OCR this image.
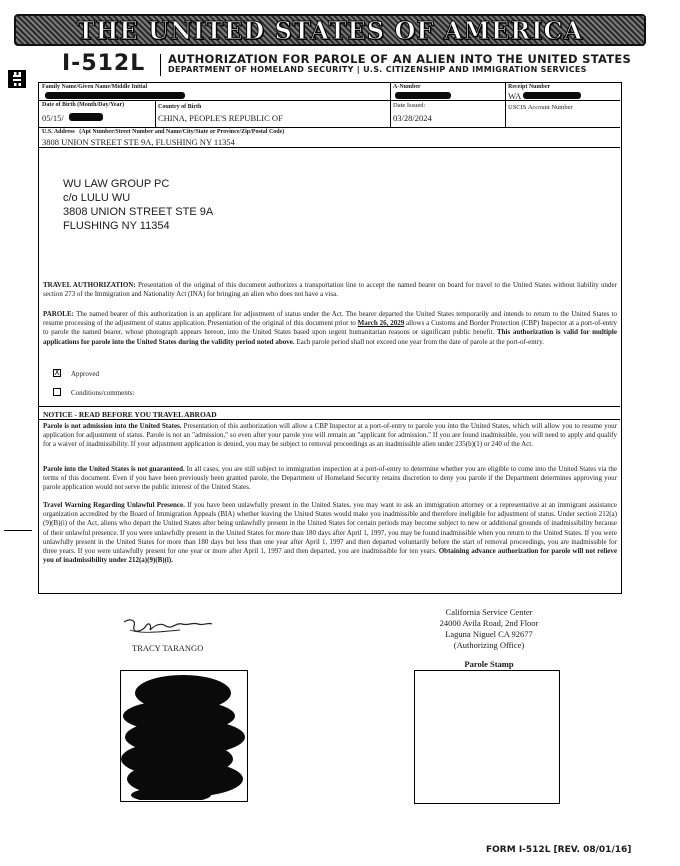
THE UNITED STATES OF AMERICA
I-512L AUTHORIZATION FOR PAROLE OF AN ALIEN INTO THE UNITED STATES
DEPARTMENT OF HOMELAND SECURITY | U.S. CITIZENSHIP AND IMMIGRATION SERVICES
Family Name/Given Name/Middle Initial	A-Number	Receipt Number
WA
Date of Birth (Month/Day/Year)
05/15/
Country of Birth
CHINA, PEOPLE'S REPUBLIC OF
Date Issued:
03/28/2024
USCIS Account Number
U.S. Address (Apt Number/Street Number and Name/City/State or Province/Zip/Postal Code)
3808 UNION STREET STE 9A, FLUSHING NY 11354
WU LAW GROUP PC
c/o LULU WU
3808 UNION STREET STE 9A
FLUSHING NY 11354
TRAVEL AUTHORIZATION: Presentation of the original of this document authorizes a transportation line to accept the named bearer on board for travel to the United States without liability under section 273 of the Immigration and Nationality Act (INA) for bringing an alien who does not have a visa.
PAROLE: The named bearer of this authorization is an applicant for adjustment of status under the Act. The bearer departed the United States temporarily and intends to return to the United States to resume processing of the adjustment of status application. Presentation of the original of this document prior to March 26, 2029 allows a Customs and Border Protection (CBP) Inspector at a port-of-entry to parole the named bearer, whose photograph appears hereon, into the United States based upon urgent humanitarian reasons or significant public benefit. This authorization is valid for multiple applications for parole into the United States during the validity period noted above. Each parole period shall not exceed one year from the date of parole at the port-of-entry.
X Approved
Conditions/comments:
NOTICE - READ BEFORE YOU TRAVEL ABROAD
Parole is not admission into the United States. Presentation of this authorization will allow a CBP Inspector at a port-of-entry to parole you into the United States, which will allow you to resume your application for adjustment of status. Parole is not an "admission," so even after your parole you will remain an "applicant for admission." If you are found inadmissible, you will need to apply and qualify for a waiver of inadmissibility. If your adjustment application is denied, you may be subject to removal proceedings as an inadmissible alien under 235(b)(1) or 240 of the Act.
Parole into the United States is not guaranteed. In all cases, you are still subject to immigration inspection at a port-of-entry to determine whether you are eligible to come into the United States via the terms of this document. Even if you have been previously been granted parole, the Department of Homeland Security retains discretion to deny you parole if the Department determines approving your parole application would not serve the public interest of the United States.
Travel Warning Regarding Unlawful Presence. If you have been unlawfully present in the United States, you may want to ask an immigration attorney or a representative at an immigrant assistance organization accredited by the Board of Immigration Appeals (BIA) whether leaving the United States would make you inadmissible and therefore ineligible for adjustment of status. Under section 212(a)(9)(B)(i) of the Act, aliens who depart the United States after being unlawfully present in the United States for certain periods may become subject to new or additional grounds of inadmissibility because of their unlawful presence. If you were unlawfully present in the United States for more than 180 days after April 1, 1997, you may be found inadmissible when you return to the United States. If you were unlawfully present in the United States for more than 180 days but less than one year after April 1, 1997 and then departed voluntarily before the start of removal proceedings, you are inadmissible for three years. If you were unlawfully present for one year or more after April 1, 1997 and then departed, you are inadmissible for ten years. Obtaining advance authorization for parole will not relieve you of inadmissibility under 212(a)(9)(B)(i).
TRACY TARANGO
California Service Center
24000 Avila Road, 2nd Floor
Laguna Niguel CA 92677
(Authorizing Office)
Parole Stamp
FORM I-512L [REV. 08/01/16]
